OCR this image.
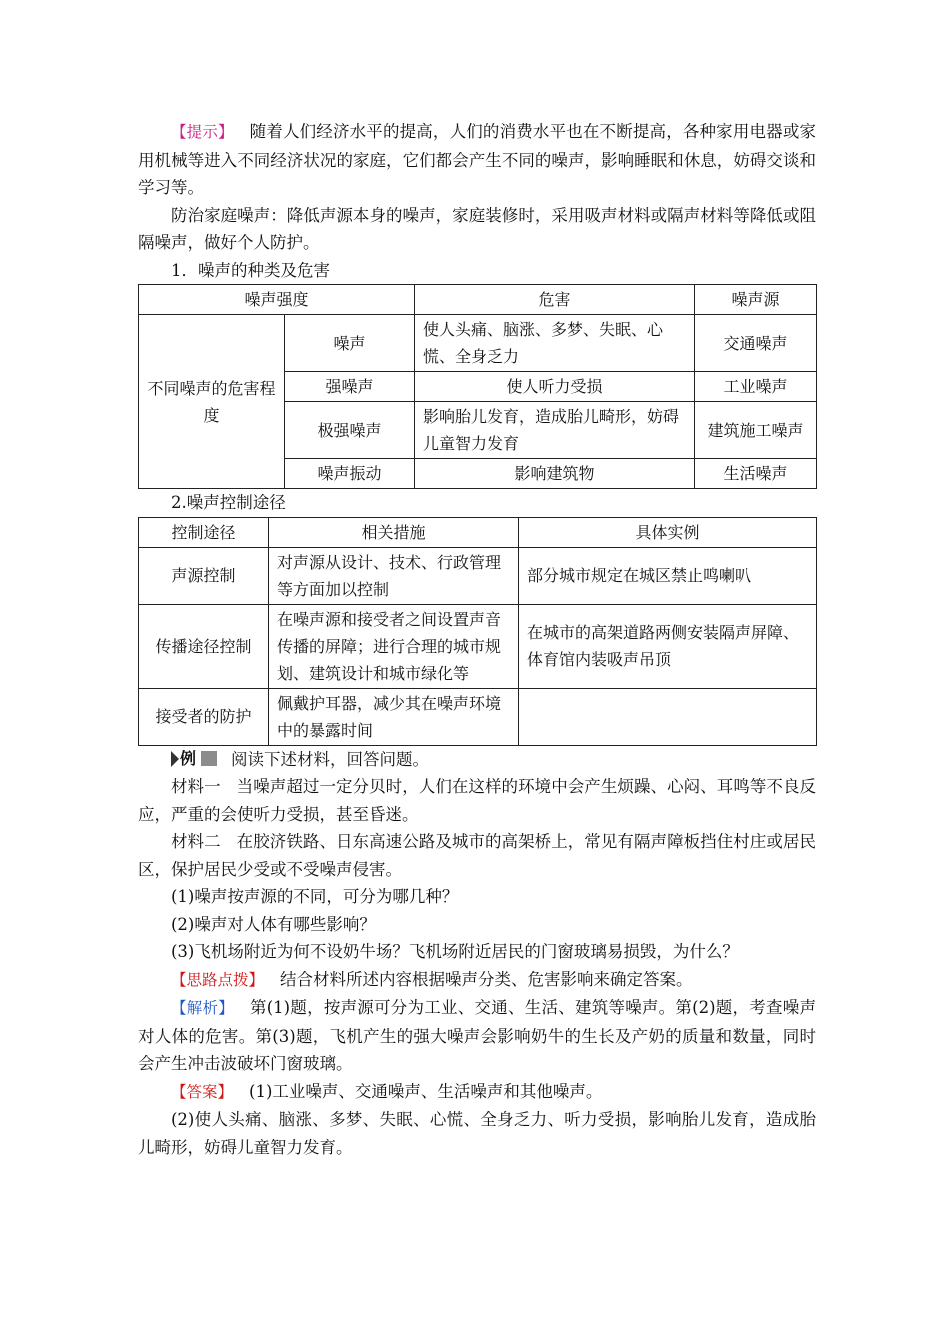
【提示】 随着人们经济水平的提高，人们的消费水平也在不断提高，各种家用电器或家用机械等进入不同经济状况的家庭，它们都会产生不同的噪声，影响睡眠和休息，妨碍交谈和学习等。

防治家庭噪声：降低声源本身的噪声，家庭装修时，采用吸声材料或隔声材料等降低或阻隔噪声，做好个人防护。

1．噪声的种类及危害

噪声强度		危害	噪声源
不同噪声的危害程度	噪声	使人头痛、脑涨、多梦、失眠、心慌、全身乏力	交通噪声
	强噪声	使人听力受损	工业噪声
	极强噪声	影响胎儿发育，造成胎儿畸形，妨碍儿童智力发育	建筑施工噪声
	噪声振动	影响建筑物	生活噪声

2.噪声控制途径

控制途径	相关措施	具体实例
声源控制	对声源从设计、技术、行政管理等方面加以控制	部分城市规定在城区禁止鸣喇叭
传播途径控制	在噪声源和接受者之间设置声音传播的屏障；进行合理的城市规划、建筑设计和城市绿化等	在城市的高架道路两侧安装隔声屏障、体育馆内装吸声吊顶
接受者的防护	佩戴护耳器，减少其在噪声环境中的暴露时间	

例 阅读下述材料，回答问题。

材料一 当噪声超过一定分贝时，人们在这样的环境中会产生烦躁、心闷、耳鸣等不良反应，严重的会使听力受损，甚至昏迷。

材料二 在胶济铁路、日东高速公路及城市的高架桥上，常见有隔声障板挡住村庄或居民区，保护居民少受或不受噪声侵害。

(1)噪声按声源的不同，可分为哪几种？

(2)噪声对人体有哪些影响？

(3)飞机场附近为何不设奶牛场？飞机场附近居民的门窗玻璃易损毁，为什么？

【思路点拨】 结合材料所述内容根据噪声分类、危害影响来确定答案。

【解析】 第(1)题，按声源可分为工业、交通、生活、建筑等噪声。第(2)题，考查噪声对人体的危害。第(3)题，飞机产生的强大噪声会影响奶牛的生长及产奶的质量和数量，同时会产生冲击波破坏门窗玻璃。

【答案】 (1)工业噪声、交通噪声、生活噪声和其他噪声。

(2)使人头痛、脑涨、多梦、失眠、心慌、全身乏力、听力受损，影响胎儿发育，造成胎儿畸形，妨碍儿童智力发育。
